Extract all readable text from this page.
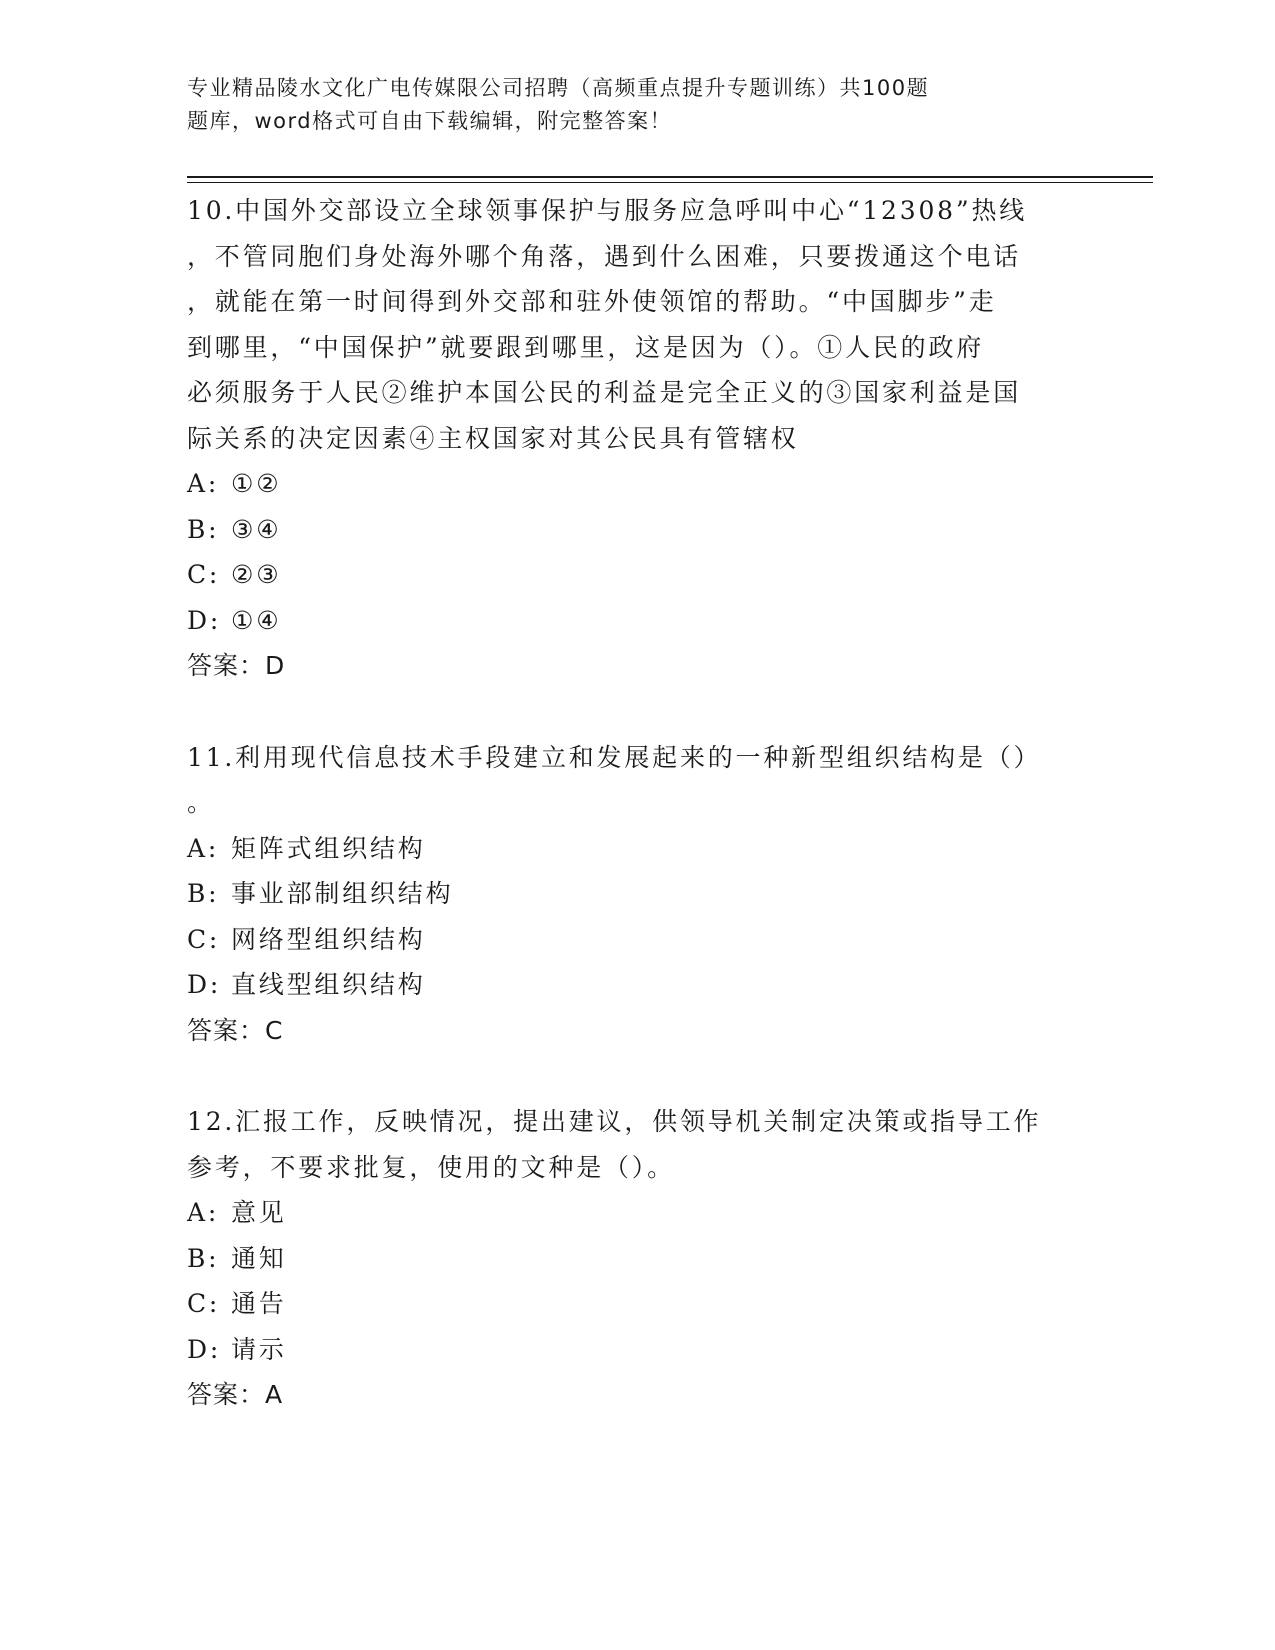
专业精品陵水文化广电传媒限公司招聘（高频重点提升专题训练）共100题
题库，word格式可自由下载编辑，附完整答案！
10.中国外交部设立全球领事保护与服务应急呼叫中心“12308”热线
，不管同胞们身处海外哪个角落，遇到什么困难，只要拨通这个电话
，就能在第一时间得到外交部和驻外使领馆的帮助。“中国脚步”走
到哪里，“中国保护”就要跟到哪里，这是因为（）。①人民的政府
必须服务于人民②维护本国公民的利益是完全正义的③国家利益是国
际关系的决定因素④主权国家对其公民具有管辖权
A: ①②
B: ③④
C: ②③
D: ①④
答案：D
11.利用现代信息技术手段建立和发展起来的一种新型组织结构是（）
。
A: 矩阵式组织结构
B: 事业部制组织结构
C: 网络型组织结构
D: 直线型组织结构
答案：C
12.汇报工作，反映情况，提出建议，供领导机关制定决策或指导工作
参考，不要求批复，使用的文种是（）。
A: 意见
B: 通知
C: 通告
D: 请示
答案：A
